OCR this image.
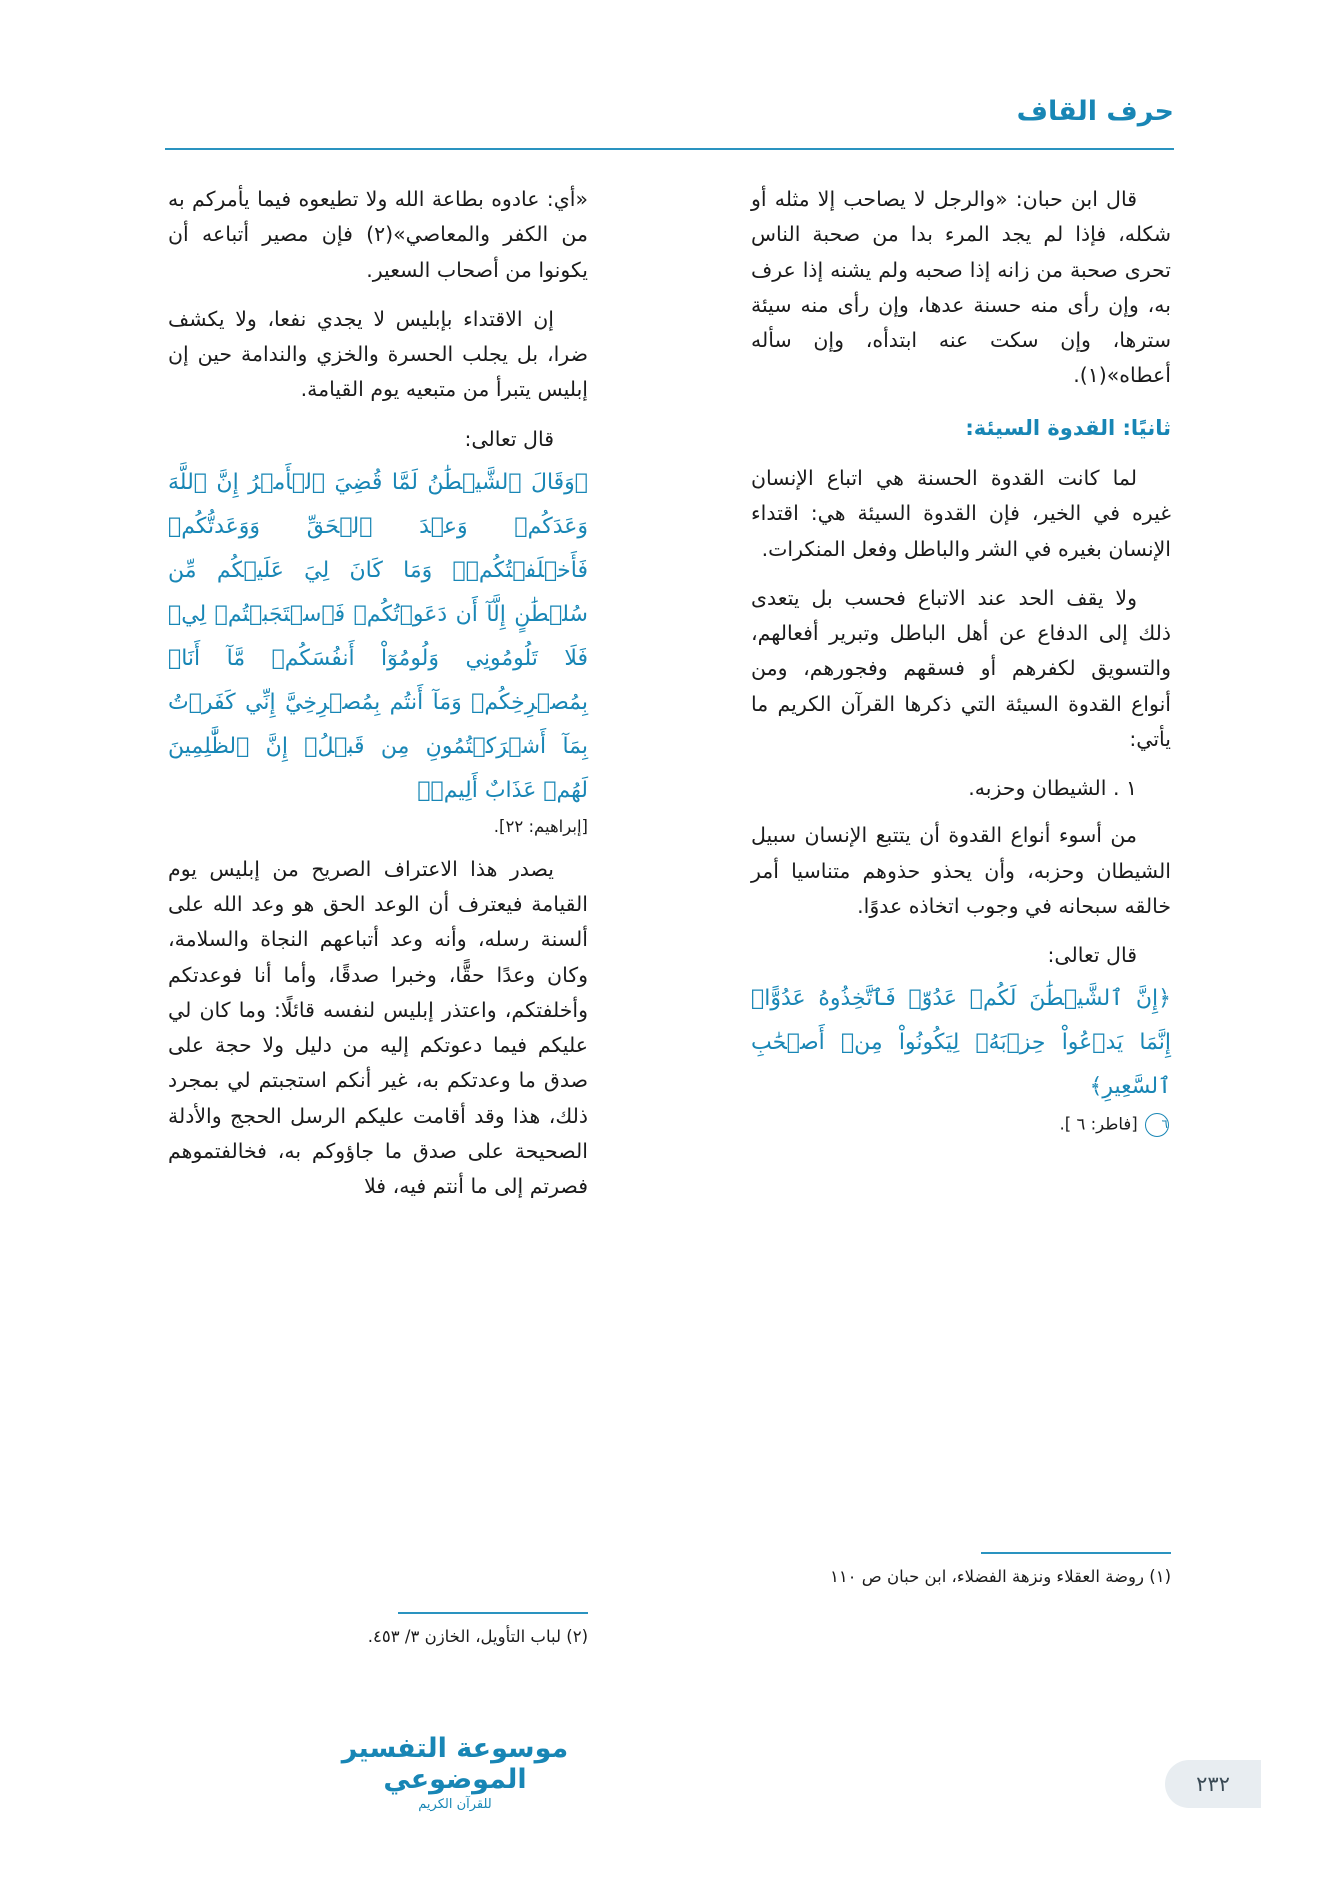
حرف القاف

قال ابن حبان: «والرجل لا يصاحب إلا مثله أو شكله، فإذا لم يجد المرء بدا من صحبة الناس تحرى صحبة من زانه إذا صحبه ولم يشنه إذا عرف به، وإن رأى منه حسنة عدها، وإن رأى منه سيئة سترها، وإن سكت عنه ابتدأه، وإن سأله أعطاه»(١).

ثانيًا: القدوة السيئة:

لما كانت القدوة الحسنة هي اتباع الإنسان غيره في الخير، فإن القدوة السيئة هي: اقتداء الإنسان بغيره في الشر والباطل وفعل المنكرات.

ولا يقف الحد عند الاتباع فحسب بل يتعدى ذلك إلى الدفاع عن أهل الباطل وتبرير أفعالهم، والتسويق لكفرهم أو فسقهم وفجورهم، ومن أنواع القدوة السيئة التي ذكرها القرآن الكريم ما يأتي:

١ . الشيطان وحزبه.

من أسوء أنواع القدوة أن يتتبع الإنسان سبيل الشيطان وحزبه، وأن يحذو حذوهم متناسيا أمر خالقه سبحانه في وجوب اتخاذه عدوًا.

قال تعالى:

﴿إِنَّ ٱلشَّيۡطَٰنَ لَكُمۡ عَدُوّٞ فَٱتَّخِذُوهُ عَدُوًّاۚ إِنَّمَا يَدۡعُواْ حِزۡبَهُۥ لِيَكُونُواْ مِنۡ أَصۡحَٰبِ ٱلسَّعِيرِ﴾
٦ [فاطر: ٦ ].

«أي: عادوه بطاعة الله ولا تطيعوه فيما يأمركم به من الكفر والمعاصي»(٢) فإن مصير أتباعه أن يكونوا من أصحاب السعير.

إن الاقتداء بإبليس لا يجدي نفعا، ولا يكشف ضرا، بل يجلب الحسرة والخزي والندامة حين إن إبليس يتبرأ من متبعيه يوم القيامة.

قال تعالى:

﴿وَقَالَ ٱلشَّيۡطَٰنُ لَمَّا قُضِيَ ٱلۡأَمۡرُ إِنَّ ٱللَّهَ وَعَدَكُمۡ وَعۡدَ ٱلۡحَقِّ وَوَعَدتُّكُمۡ فَأَخۡلَفۡتُكُمۡۖ وَمَا كَانَ لِيَ عَلَيۡكُم مِّن سُلۡطَٰنٍ إِلَّآ أَن دَعَوۡتُكُمۡ فَٱسۡتَجَبۡتُمۡ لِيۖ فَلَا تَلُومُونِي وَلُومُوٓاْ أَنفُسَكُمۖ مَّآ أَنَا۠ بِمُصۡرِخِكُمۡ وَمَآ أَنتُم بِمُصۡرِخِيَّ إِنِّي كَفَرۡتُ بِمَآ أَشۡرَكۡتُمُونِ مِن قَبۡلُۗ إِنَّ ٱلظَّٰلِمِينَ لَهُمۡ عَذَابٌ أَلِيمٞ﴾
[إبراهيم: ٢٢].

يصدر هذا الاعتراف الصريح من إبليس يوم القيامة فيعترف أن الوعد الحق هو وعد الله على ألسنة رسله، وأنه وعد أتباعهم النجاة والسلامة، وكان وعدًا حقًّا، وخبرا صدقًا، وأما أنا فوعدتكم وأخلفتكم، واعتذر إبليس لنفسه قائلًا: وما كان لي عليكم فيما دعوتكم إليه من دليل ولا حجة على صدق ما وعدتكم به، غير أنكم استجبتم لي بمجرد ذلك، هذا وقد أقامت عليكم الرسل الحجج والأدلة الصحيحة على صدق ما جاؤوكم به، فخالفتموهم فصرتم إلى ما أنتم فيه، فلا

(١) روضة العقلاء ونزهة الفضلاء، ابن حبان ص ١١٠
(٢) لباب التأويل، الخازن ٣/ ٤٥٣.
موسوعة التفسير الموضوعي
للقرآن الكريم
٢٣٢
